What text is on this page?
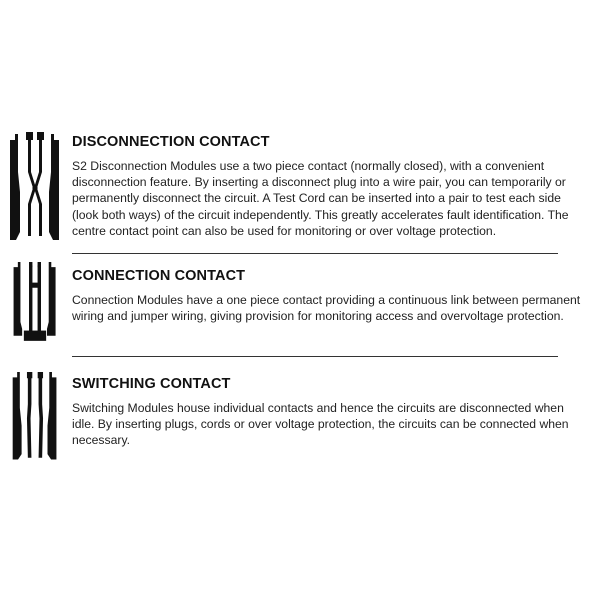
DISCONNECTION CONTACT

S2 Disconnection Modules use a two piece contact (normally closed), with a convenient disconnection feature. By inserting a disconnect plug into a wire pair, you can temporarily or permanently disconnect the circuit. A Test Cord can be inserted into a pair to test each side (look both ways) of the circuit independently. This greatly accelerates fault identification. The centre contact point can also be used for monitoring or over voltage protection.

CONNECTION CONTACT

Connection Modules have a one piece contact providing a continuous link between permanent wiring and jumper wiring, giving provision for monitoring access and overvoltage protection.

SWITCHING CONTACT

Switching Modules house individual contacts and hence the circuits are disconnected when idle. By inserting plugs, cords or over voltage protection, the circuits can be connected when necessary.
